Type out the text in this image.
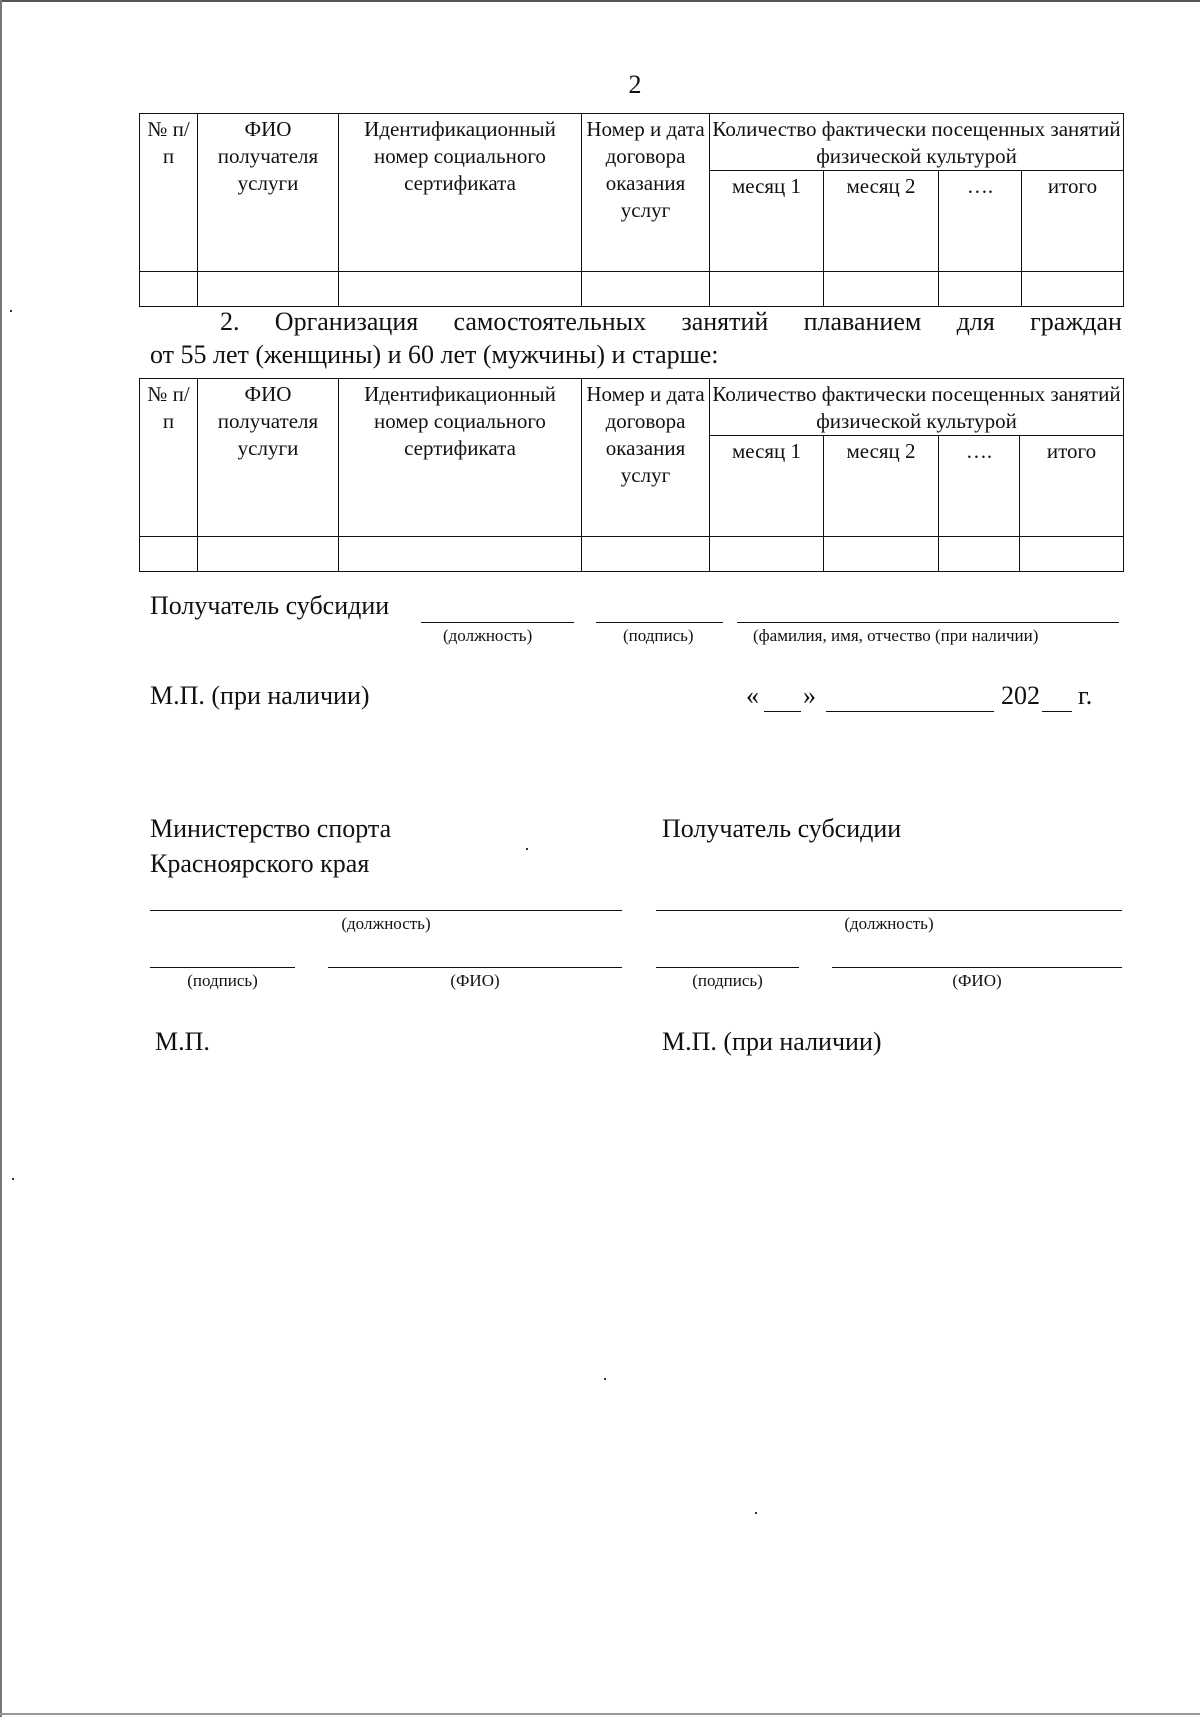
2
№ п/п	ФИО получателя услуги	Идентификационный номер социального сертификата	Номер и дата договора оказания услуг	Количество фактически посещенных занятий физической культурой			
				месяц 1	месяц 2	….	итого

2. Организация самостоятельных занятий плаванием для граждан
от 55 лет (женщины) и 60 лет (мужчины) и старше:
№ п/п	ФИО получателя услуги	Идентификационный номер социального сертификата	Номер и дата договора оказания услуг	Количество фактически посещенных занятий физической культурой			
				месяц 1	месяц 2	….	итого

Получатель субсидии
(должность)	(подпись)	(фамилия, имя, отчество (при наличии)
М.П. (при наличии)	« »	202 г.
Министерство спорта
Красноярского края
Получатель субсидии
(должность)	(должность)
(подпись)	(ФИО)	(подпись)	(ФИО)
М.П.	М.П. (при наличии)
